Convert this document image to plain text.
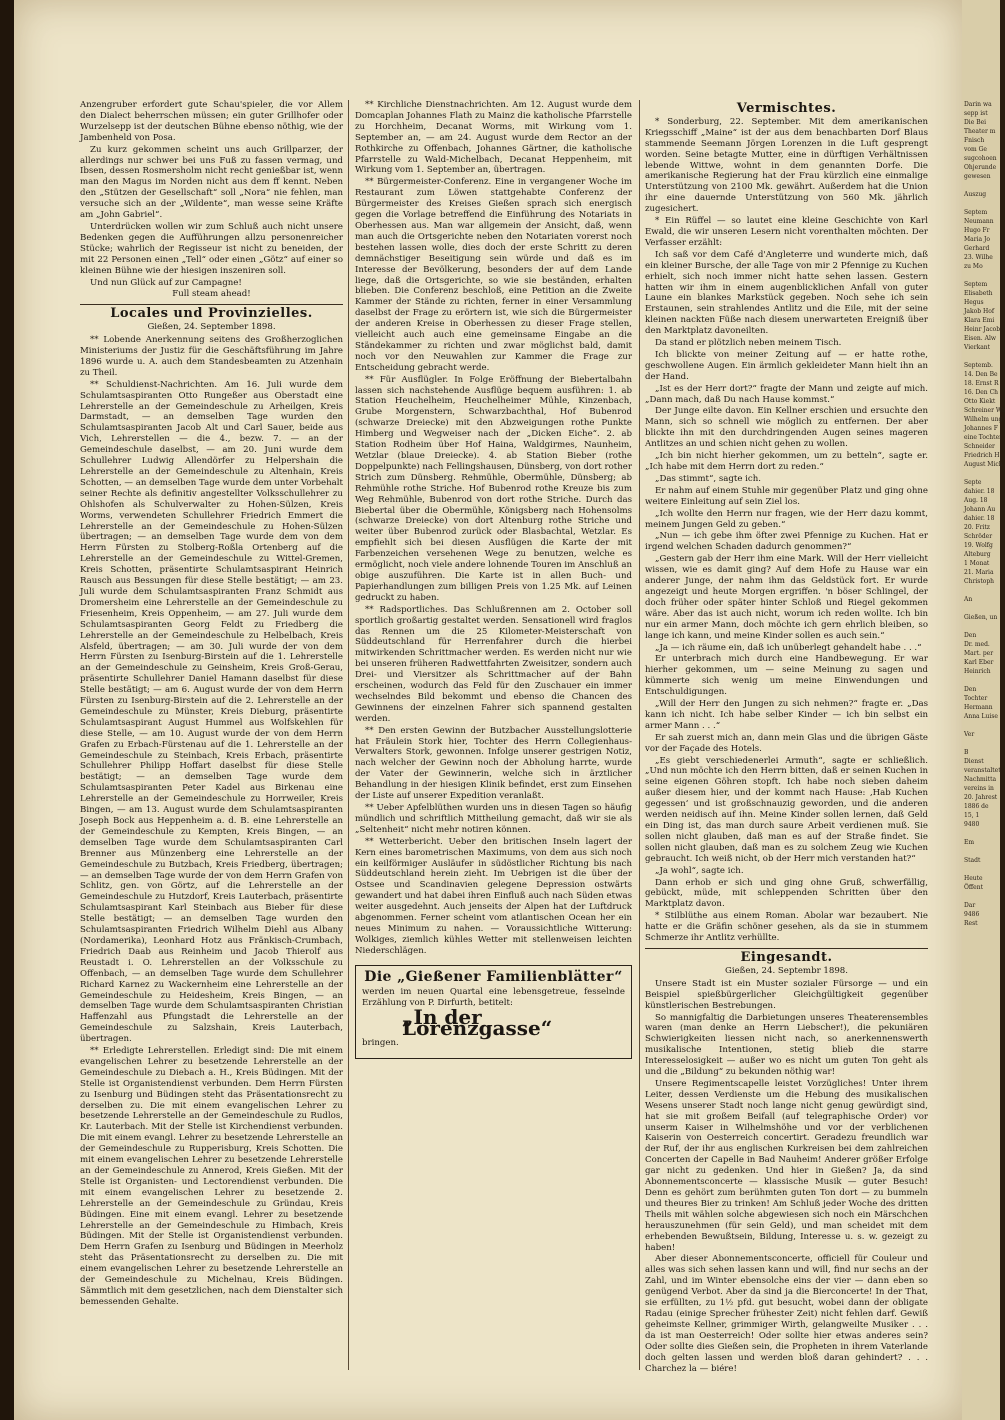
Anzengruber erfordert gute Schau'spieler, die vor Allem den Dialect beherrschen müssen; ein guter Grillhofer oder Wurzelsepp ist der deutschen Bühne ebenso nöthig, wie der Jambenheld von Posa.

Zu kurz gekommen scheint uns auch Grillparzer, der allerdings nur schwer bei uns Fuß zu fassen vermag, und Ibsen, dessen Rosmersholm nicht recht genießbar ist, wenn man den Magus im Norden nicht aus dem ff kennt. Neben den „Stützen der Gesellschaft“ soll „Nora“ nie fehlen, man versuche sich an der „Wildente“, man wesse seine Kräfte am „John Gabriel“.

Unterdrücken wollen wir zum Schluß auch nicht unsere Bedenken gegen die Aufführungen allzu personenreicher Stücke; wahrlich der Regisseur ist nicht zu beneiden, der mit 22 Personen einen „Tell“ oder einen „Götz“ auf einer so kleinen Bühne wie der hiesigen inszeniren soll.

Und nun Glück auf zur Campagne!

Full steam ahead!

Locales und Provinzielles.
Gießen, 24. September 1898.

** Lobende Anerkennung seitens des Großherzoglichen Ministeriums der Justiz für die Geschäftsführung im Jahre 1896 wurde u. A. auch dem Standesbeamten zu Atzenhain zu Theil.

** Schuldienst-Nachrichten. Am 16. Juli wurde dem Schulamtsaspiranten Otto Rungeßer aus Oberstadt eine Lehrerstelle an der Gemeindeschule zu Arheilgen, Kreis Darmstadt, — an demselben Tage wurden den Schulamtsaspiranten Jacob Alt und Carl Sauer, beide aus Vich, Lehrerstellen — die 4., bezw. 7. — an der Gemeindeschule daselbst, — am 20. Juni wurde dem Schullehrer Ludwig Allendörfer zu Helpershain die Lehrerstelle an der Gemeindeschule zu Altenhain, Kreis Schotten, — an demselben Tage wurde dem unter Vorbehalt seiner Rechte als definitiv angestellter Volksschullehrer zu Ohlshofen als Schulverwalter zu Hohen-Sülzen, Kreis Worms, verwendeten Schullehrer Friedrich Emmert die Lehrerstelle an der Gemeindeschule zu Hohen-Sülzen übertragen; — an demselben Tage wurde dem von dem Herrn Fürsten zu Stolberg-Roßla Ortenberg auf die Lehrerstelle an der Gemeindeschule zu Wittel-Gremen, Kreis Schotten, präsentirte Schulamtsaspirant Heinrich Rausch aus Bessungen für diese Stelle bestätigt; — am 23. Juli wurde dem Schulamtsaspiranten Franz Schmidt aus Dromersheim eine Lehrerstelle an der Gemeindeschule zu Friesenheim, Kreis Oppenheim, — am 27. Juli wurde dem Schulamtsaspiranten Georg Feldt zu Friedberg die Lehrerstelle an der Gemeindeschule zu Helbelbach, Kreis Alsfeld, übertragen; — am 30. Juli wurde der von dem Herrn Fürsten zu Isenburg-Birstein auf die 1. Lehrerstelle an der Gemeindeschule zu Geinsheim, Kreis Groß-Gerau, präsentirte Schullehrer Daniel Hamann daselbst für diese Stelle bestätigt; — am 6. August wurde der von dem Herrn Fürsten zu Isenburg-Birstein auf die 2. Lehrerstelle an der Gemeindeschule zu Münster, Kreis Dieburg, präsentirte Schulamtsaspirant August Hummel aus Wolfskehlen für diese Stelle, — am 10. August wurde der von dem Herrn Grafen zu Erbach-Fürstenau auf die 1. Lehrerstelle an der Gemeindeschule zu Steinbach, Kreis Erbach, präsentirte Schullehrer Philipp Hoffart daselbst für diese Stelle bestätigt; — an demselben Tage wurde dem Schulamtsaspiranten Peter Kadel aus Birkenau eine Lehrerstelle an der Gemeindeschule zu Horrweiler, Kreis Bingen, — am 13. August wurde dem Schulamtsaspiranten Joseph Bock aus Heppenheim a. d. B. eine Lehrerstelle an der Gemeindeschule zu Kempten, Kreis Bingen, — an demselben Tage wurde dem Schulamtsaspiranten Carl Brenner aus Münzenberg eine Lehrerstelle an der Gemeindeschule zu Butzbach, Kreis Friedberg, übertragen; — an demselben Tage wurde der von dem Herrn Grafen von Schlitz, gen. von Görtz, auf die Lehrerstelle an der Gemeindeschule zu Hutzdorf, Kreis Lauterbach, präsentirte Schulamtsaspirant Karl Steinbach aus Bieber für diese Stelle bestätigt; — an demselben Tage wurden den Schulamtsaspiranten Friedrich Wilhelm Diehl aus Albany (Nordamerika), Leonhard Hotz aus Fränkisch-Crumbach, Friedrich Daab aus Reinheim und Jacob Thierolf aus Reustadt i. O. Lehrerstellen an der Volksschule zu Offenbach, — an demselben Tage wurde dem Schullehrer Richard Karnez zu Wackernheim eine Lehrerstelle an der Gemeindeschule zu Heidesheim, Kreis Bingen, — an demselben Tage wurde dem Schulamtsaspiranten Christian Haffenzahl aus Pfungstadt die Lehrerstelle an der Gemeindeschule zu Salzshain, Kreis Lauterbach, übertragen.

** Erledigte Lehrerstellen. Erledigt sind: Die mit einem evangelischen Lehrer zu besetzende Lehrerstelle an der Gemeindeschule zu Diebach a. H., Kreis Büdingen. Mit der Stelle ist Organistendienst verbunden. Dem Herrn Fürsten zu Isenburg und Büdingen steht das Präsentationsrecht zu derselben zu. Die mit einem evangelischen Lehrer zu besetzende Lehrerstelle an der Gemeindeschule zu Rudlos, Kr. Lauterbach. Mit der Stelle ist Kirchendienst verbunden. Die mit einem evangl. Lehrer zu besetzende Lehrerstelle an der Gemeindeschule zu Rupperisburg, Kreis Schotten. Die mit einem evangelischen Lehrer zu besetzende Lehrerstelle an der Gemeindeschule zu Annerod, Kreis Gießen. Mit der Stelle ist Organisten- und Lectorendienst verbunden. Die mit einem evangelischen Lehrer zu besetzende 2. Lehrerstelle an der Gemeindeschule zu Gründau, Kreis Büdingen. Eine mit einem evangl. Lehrer zu besetzende Lehrerstelle an der Gemeindeschule zu Himbach, Kreis Büdingen. Mit der Stelle ist Organistendienst verbunden. Dem Herrn Grafen zu Isenburg und Büdingen in Meerholz steht das Präsentationsrecht zu derselben zu. Die mit einem evangelischen Lehrer zu besetzende Lehrerstelle an der Gemeindeschule zu Michelnau, Kreis Büdingen. Sämmtlich mit dem gesetzlichen, nach dem Dienstalter sich bemessenden Gehalte.

** Kirchliche Dienstnachrichten. Am 12. August wurde dem Domcaplan Johannes Flath zu Mainz die katholische Pfarrstelle zu Horchheim, Decanat Worms, mit Wirkung vom 1. September an, — am 24. August wurde dem Rector an der Rothkirche zu Offenbach, Johannes Gärtner, die katholische Pfarrstelle zu Wald-Michelbach, Decanat Heppenheim, mit Wirkung vom 1. September an, übertragen.

** Bürgermeister-Conferenz. Eine in vergangener Woche im Restaurant zum Löwen stattgehabte Conferenz der Bürgermeister des Kreises Gießen sprach sich energisch gegen die Vorlage betreffend die Einführung des Notariats in Oberhessen aus. Man war allgemein der Ansicht, daß, wenn man auch die Ortsgerichte neben den Notariaten vorerst noch bestehen lassen wolle, dies doch der erste Schritt zu deren demnächstiger Beseitigung sein würde und daß es im Interesse der Bevölkerung, besonders der auf dem Lande liege, daß die Ortsgerichte, so wie sie beständen, erhalten blieben. Die Conferenz beschloß, eine Petition an die Zweite Kammer der Stände zu richten, ferner in einer Versammlung daselbst der Frage zu erörtern ist, wie sich die Bürgermeister der anderen Kreise in Oberhessen zu dieser Frage stellen, vielleicht auch auch eine gemeinsame Eingabe an die Ständekammer zu richten und zwar möglichst bald, damit noch vor den Neuwahlen zur Kammer die Frage zur Entscheidung gebracht werde.

** Für Ausflügler. In Folge Eröffnung der Biebertalbahn lassen sich nachstehende Ausflüge bequem ausführen: 1. ab Station Heuchelheim, Heuchelheimer Mühle, Kinzenbach, Grube Morgenstern, Schwarzbachthal, Hof Bubenrod (schwarze Dreiecke) mit den Abzweigungen rothe Punkte Himberg und Wegweiser nach der „Dicken Eiche“. 2. ab Station Rodheim über Hof Haina, Waldgirmes, Naunheim, Wetzlar (blaue Dreiecke). 4. ab Station Bieber (rothe Doppelpunkte) nach Fellingshausen, Dünsberg, von dort rother Strich zum Dünsberg. Rehmühle, Obermühle, Dünsberg; ab Rehmühle rothe Striche. Hof Bubenrod rothe Kreuze bis zum Weg Rehmühle, Bubenrod von dort rothe Striche. Durch das Biebertal über die Obermühle, Königsberg nach Hohensolms (schwarze Dreiecke) von dort Altenburg rothe Striche und weiter über Bubenrod zurück oder Blasbachtal, Wetzlar. Es empfiehlt sich bei diesen Ausflügen die Karte der mit Farbenzeichen versehenen Wege zu benutzen, welche es ermöglicht, noch viele andere lohnende Touren im Anschluß an obige auszuführen. Die Karte ist in allen Buch- und Papierhandlungen zum billigen Preis von 1.25 Mk. auf Leinen gedruckt zu haben.

** Radsportliches. Das Schlußrennen am 2. October soll sportlich großartig gestaltet werden. Sensationell wird fraglos das Rennen um die 25 Kilometer-Meisterschaft von Süddeutschland für Herrenfahrer durch die hierbei mitwirkenden Schrittmacher werden. Es werden nicht nur wie bei unseren früheren Radwettfahrten Zweisitzer, sondern auch Drei- und Viersitzer als Schrittmacher auf der Bahn erscheinen, wodurch das Feld für den Zuschauer ein immer wechselndes Bild bekommt und ebenso die Chancen des Gewinnens der einzelnen Fahrer sich spannend gestalten werden.

** Den ersten Gewinn der Butzbacher Ausstellungslotterie hat Fräulein Stork hier, Tochter des Herrn Collegienhaus-Verwalters Stork, gewonnen. Infolge unserer gestrigen Notiz, nach welcher der Gewinn noch der Abholung harrte, wurde der Vater der Gewinnerin, welche sich in ärztlicher Behandlung in der hiesigen Klinik befindet, erst zum Einsehen der Liste auf unserer Expedition veranlaßt.

** Ueber Apfelblüthen wurden uns in diesen Tagen so häufig mündlich und schriftlich Mittheilung gemacht, daß wir sie als „Seltenheit“ nicht mehr notiren können.

** Wetterbericht. Ueber den britischen Inseln lagert der Kern eines barometrischen Maximums, von dem aus sich noch ein keilförmiger Ausläufer in südöstlicher Richtung bis nach Süddeutschland herein zieht. Im Uebrigen ist die über der Ostsee und Scandinavien gelegene Depression ostwärts gewandert und hat dabei ihren Einfluß auch nach Süden etwas weiter ausgedehnt. Auch jenseits der Alpen hat der Luftdruck abgenommen. Ferner scheint vom atlantischen Ocean her ein neues Minimum zu nahen. — Voraussichtliche Witterung: Wolkiges, ziemlich kühles Wetter mit stellenweisen leichten Niederschlägen.

Die „Gießener Familienblätter“

werden im neuen Quartal eine lebensgetreue, fesselnde Erzählung von P. Dirfurth, betitelt:

„In der Lorenzgasse“

bringen.

Vermischtes.

* Sonderburg, 22. September. Mit dem amerikanischen Kriegsschiff „Maine“ ist der aus dem benachbarten Dorf Blaus stammende Seemann Jörgen Lorenzen in die Luft gesprengt worden. Seine betagte Mutter, eine in dürftigen Verhältnissen lebende Wittwe, wohnt in dem genannten Dorfe. Die amerikanische Regierung hat der Frau kürzlich eine einmalige Unterstützung von 2100 Mk. gewährt. Außerdem hat die Union ihr eine dauernde Unterstützung von 560 Mk. jährlich zugesichert.

* Ein Rüffel — so lautet eine kleine Geschichte von Karl Ewald, die wir unseren Lesern nicht vorenthalten möchten. Der Verfasser erzählt:

Ich saß vor dem Café d'Angleterre und wunderte mich, daß ein kleiner Bursche, der alle Tage von mir 2 Pfennige zu Kuchen erhielt, sich noch immer nicht hatte sehen lassen. Gestern hatten wir ihm in einem augenblicklichen Anfall von guter Laune ein blankes Markstück gegeben. Noch sehe ich sein Erstaunen, sein strahlendes Antlitz und die Eile, mit der seine kleinen nackten Füße nach diesem unerwarteten Ereigniß über den Marktplatz davoneilten.

Da stand er plötzlich neben meinem Tisch.

Ich blickte von meiner Zeitung auf — er hatte rothe, geschwollene Augen. Ein ärmlich gekleideter Mann hielt ihn an der Hand.

„Ist es der Herr dort?“ fragte der Mann und zeigte auf mich. „Dann mach, daß Du nach Hause kommst.“

Der Junge eilte davon. Ein Kellner erschien und ersuchte den Mann, sich so schnell wie möglich zu entfernen. Der aber blickte ihn mit den durchdringenden Augen seines mageren Antlitzes an und schien nicht gehen zu wollen.

„Ich bin nicht hierher gekommen, um zu betteln“, sagte er. „Ich habe mit dem Herrn dort zu reden.“

„Das stimmt“, sagte ich.

Er nahm auf einem Stuhle mir gegenüber Platz und ging ohne weitere Einleitung auf sein Ziel los.

„Ich wollte den Herrn nur fragen, wie der Herr dazu kommt, meinem Jungen Geld zu geben.“

„Nun — ich gebe ihm öfter zwei Pfennige zu Kuchen. Hat er irgend welchen Schaden dadurch genommen?“

„Gestern gab der Herr ihm eine Mark. Will der Herr vielleicht wissen, wie es damit ging? Auf dem Hofe zu Hause war ein anderer Junge, der nahm ihm das Geldstück fort. Er wurde angezeigt und heute Morgen ergriffen. 'n böser Schlingel, der doch früher oder später hinter Schloß und Riegel gekommen wäre. Aber das ist auch nicht, worum ich reden wollte. Ich bin nur ein armer Mann, doch möchte ich gern ehrlich bleiben, so lange ich kann, und meine Kinder sollen es auch sein.“

„Ja — ich räume ein, daß ich unüberlegt gehandelt habe . . .“

Er unterbrach mich durch eine Handbewegung. Er war hierher gekommen, um — seine Meinung zu sagen und kümmerte sich wenig um meine Einwendungen und Entschuldigungen.

„Will der Herr den Jungen zu sich nehmen?“ fragte er. „Das kann ich nicht. Ich habe selber Kinder — ich bin selbst ein armer Mann . . .“

Er sah zuerst mich an, dann mein Glas und die übrigen Gäste vor der Façade des Hotels.

„Es giebt verschiedenerlei Armuth“, sagte er schließlich. „Und nun möchte ich den Herrn bitten, daß er seinen Kuchen in seine eigenen Göhren stopft. Ich habe noch sieben daheim außer diesem hier, und der kommt nach Hause: ‚Hab Kuchen gegessen‘ und ist großschnauzig geworden, und die anderen werden neidisch auf ihn. Meine Kinder sollen lernen, daß Geld ein Ding ist, das man durch saure Arbeit verdienen muß. Sie sollen nicht glauben, daß man es auf der Straße findet. Sie sollen nicht glauben, daß man es zu solchem Zeug wie Kuchen gebraucht. Ich weiß nicht, ob der Herr mich verstanden hat?“

„Ja wohl“, sagte ich.

Dann erhob er sich und ging ohne Gruß, schwerfällig, gebückt, müde, mit schleppenden Schritten über den Marktplatz davon.

* Stilblüthe aus einem Roman. Abolar war bezaubert. Nie hatte er die Gräfin schöner gesehen, als da sie in stummem Schmerze ihr Antlitz verhüllte.

Eingesandt.
Gießen, 24. Septembr 1898.

Unsere Stadt ist ein Muster sozialer Fürsorge — und ein Beispiel spießbürgerlicher Gleichgültigkeit gegenüber künstlerischen Bestrebungen.

So mannigfaltig die Darbietungen unseres Theaterensembles waren (man denke an Herrn Liebscher!), die pekuniären Schwierigkeiten liessen nicht nach, so anerkennenswerth musikalische Intentionen, stetig blieb die starre Interesselosigkeit — außer wo es nicht um guten Ton geht als und die „Bildung“ zu bekunden nöthig war!

Unsere Regimentscapelle leistet Vorzügliches! Unter ihrem Leiter, dessen Verdienste um die Hebung des musikalischen Wesens unserer Stadt noch lange nicht genug gewürdigt sind, hat sie mit großem Beifall (auf telegraphische Order) vor unserm Kaiser in Wilhelmshöhe und vor der verblichenen Kaiserin von Oesterreich concertirt. Geradezu freundlich war der Ruf, der ihr aus englischen Kurkreisen bei dem zahlreichen Concerten der Capelle in Bad Nauheim! Anderer größer Erfolge gar nicht zu gedenken. Und hier in Gießen? Ja, da sind Abonnementsconcerte — klassische Musik — guter Besuch! Denn es gehört zum berühmten guten Ton dort — zu bummeln und theures Bier zu trinken! Am Schluß jeder Woche des dritten Theils mit wählen solche abgewiesen sich noch ein Märschchen herauszunehmen (für sein Geld), und man scheidet mit dem erhebenden Bewußtsein, Bildung, Interesse u. s. w. gezeigt zu haben!

Aber dieser Abonnementsconcerte, officiell für Couleur und alles was sich sehen lassen kann und will, find nur sechs an der Zahl, und im Winter ebensolche eins der vier — dann eben so genügend Verbot. Aber da sind ja die Bierconcerte! In der That, sie erfüllten, zu 1½ pfd. gut besucht, wobei dann der obligate Radau (einige Sprecher frühester Zeit) nicht fehlen darf. Gewiß geheimste Kellner, grimmiger Wirth, gelangweilte Musiker . . . da ist man Oesterreich! Oder sollte hier etwas anderes sein? Oder sollte dies Gießen sein, die Propheten in ihrem Vaterlande doch gelten lassen und werden bloß daran gehindert? . . . Charchez la — biére!

Darin wa
sepp ist
Die Bei
Theater m
Fnisch
vom Ge
sugcohoen
Ohjerunde
gewesen

Auszug

Septem
Neumann
Hugo Fr
Maria Jo
Gerhard
23. Wilhe
zu Mo

Septem
Elisabeth
Hegus
Jakob Hof
Klara Emi
Heinr Jacob
Eisen. Alw
Vierkant

Septemb.
14. Den Be
18. Ernst R
16. Den Ch
Otto Kiekt
Schreiner Wa
Wilhelm ung
Johannes F
eine Tochter
Schneider
Friedrich H
August Mich

Septe
dahier. 18
Aug. 18
Johann Au
dahier. 18
20. Fritz
Schröder
19. Wolfg
Alteburg
1 Monat
21. Maria
Christoph

An

Gießen, un

Den
Dr. med.
Mart. per
Karl Eber
Heinrich

Den
Tochter
Hermann
Anna Luise

Ver

B
Dienst
veranstaltet
Nachmitta
vereins in
20. Jahrest
1886 de
15, 1
9480

Em

Stadt

Heute
Öffent

Dar
9486
Rest
